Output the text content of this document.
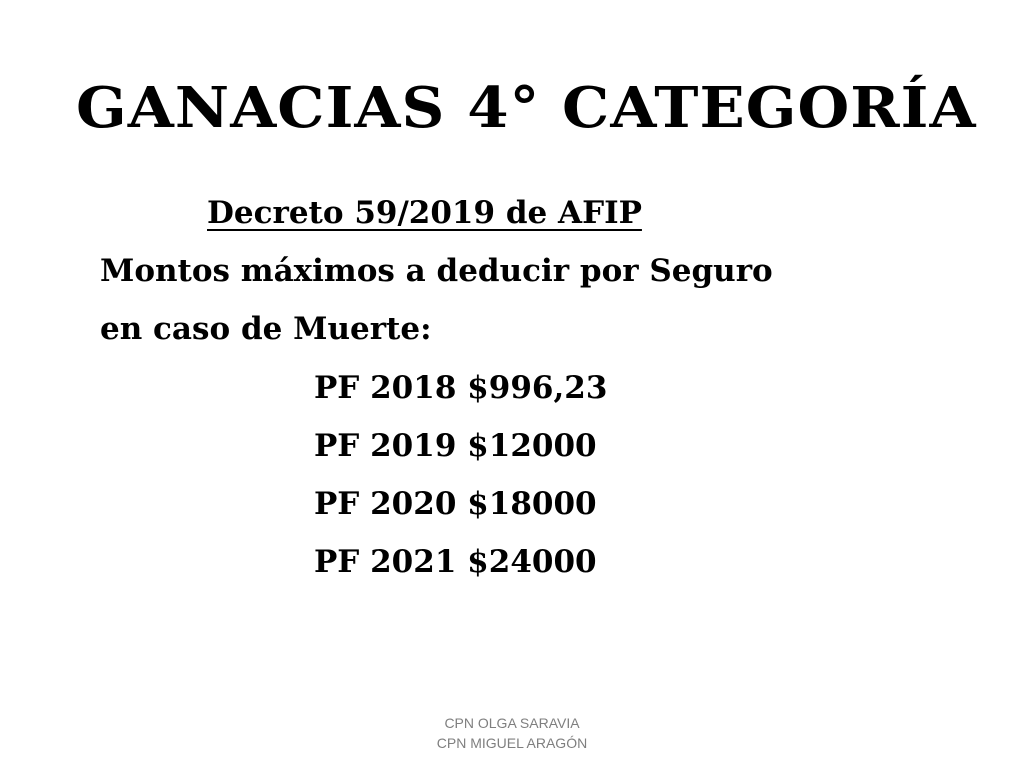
GANACIAS 4° CATEGORÍA
Decreto 59/2019 de AFIP
Montos máximos a deducir por Seguro
en caso de Muerte:
PF 2018 $996,23
PF 2019 $12000
PF 2020 $18000
PF 2021 $24000
CPN OLGA SARAVIA
CPN MIGUEL ARAGÓN
